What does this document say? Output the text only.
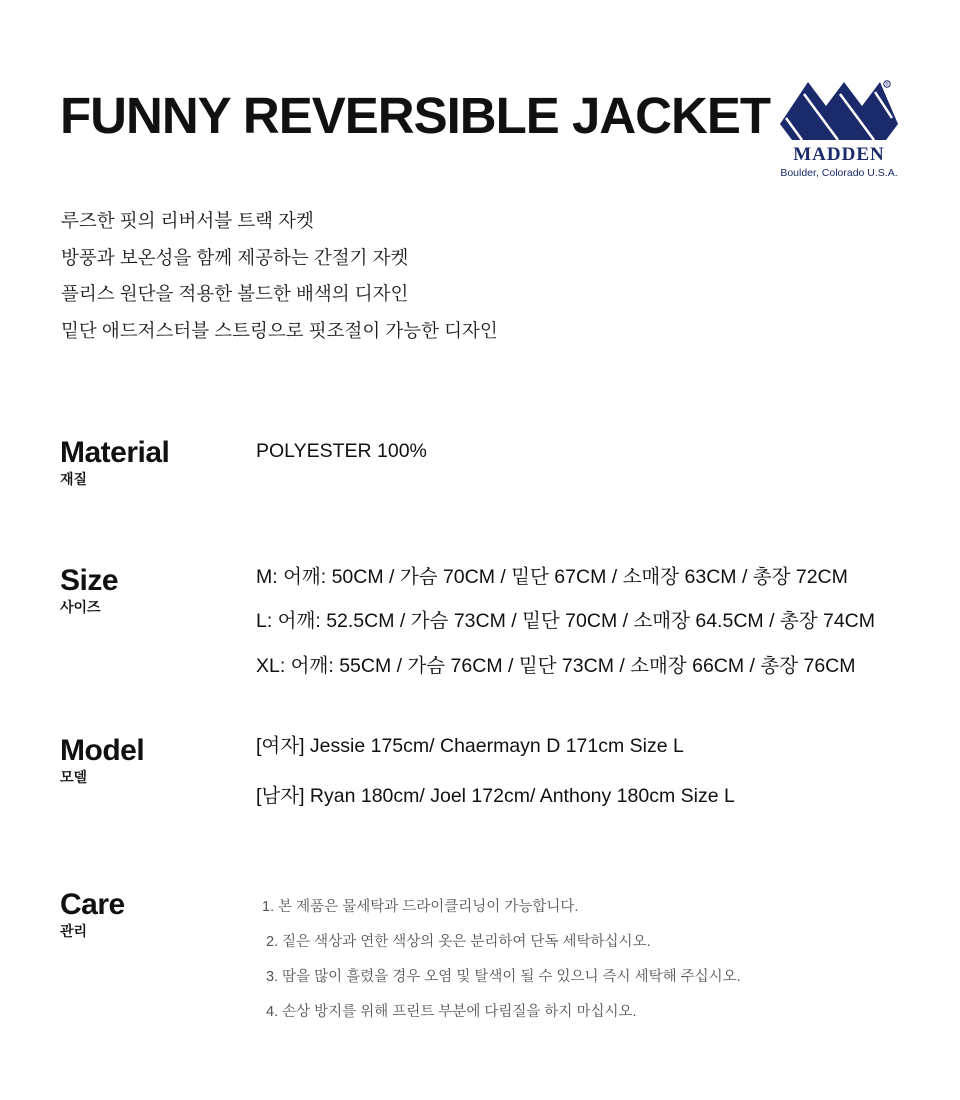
FUNNY REVERSIBLE JACKET
®
MADDEN
Boulder, Colorado U.S.A.
루즈한 핏의 리버서블 트랙 자켓
방풍과 보온성을 함께 제공하는 간절기 자켓
플리스 원단을 적용한 볼드한 배색의 디자인
밑단 애드저스터블 스트링으로 핏조절이 가능한 디자인
Material
재질
POLYESTER 100%
Size
사이즈
M: 어깨: 50CM / 가슴 70CM / 밑단 67CM / 소매장 63CM / 총장 72CM
L: 어깨: 52.5CM / 가슴 73CM / 밑단 70CM / 소매장 64.5CM / 총장 74CM
XL: 어깨: 55CM / 가슴 76CM / 밑단 73CM / 소매장 66CM / 총장 76CM
Model
모델
[여자] Jessie 175cm/ Chaermayn D 171cm Size L
[남자] Ryan 180cm/ Joel 172cm/ Anthony 180cm Size L
Care
관리
1. 본 제품은 물세탁과 드라이클리닝이 가능합니다.
2. 짙은 색상과 연한 색상의 옷은 분리하여 단독 세탁하십시오.
3. 땀을 많이 흘렸을 경우 오염 및 탈색이 될 수 있으니 즉시 세탁해 주십시오.
4. 손상 방지를 위해 프린트 부분에 다림질을 하지 마십시오.
